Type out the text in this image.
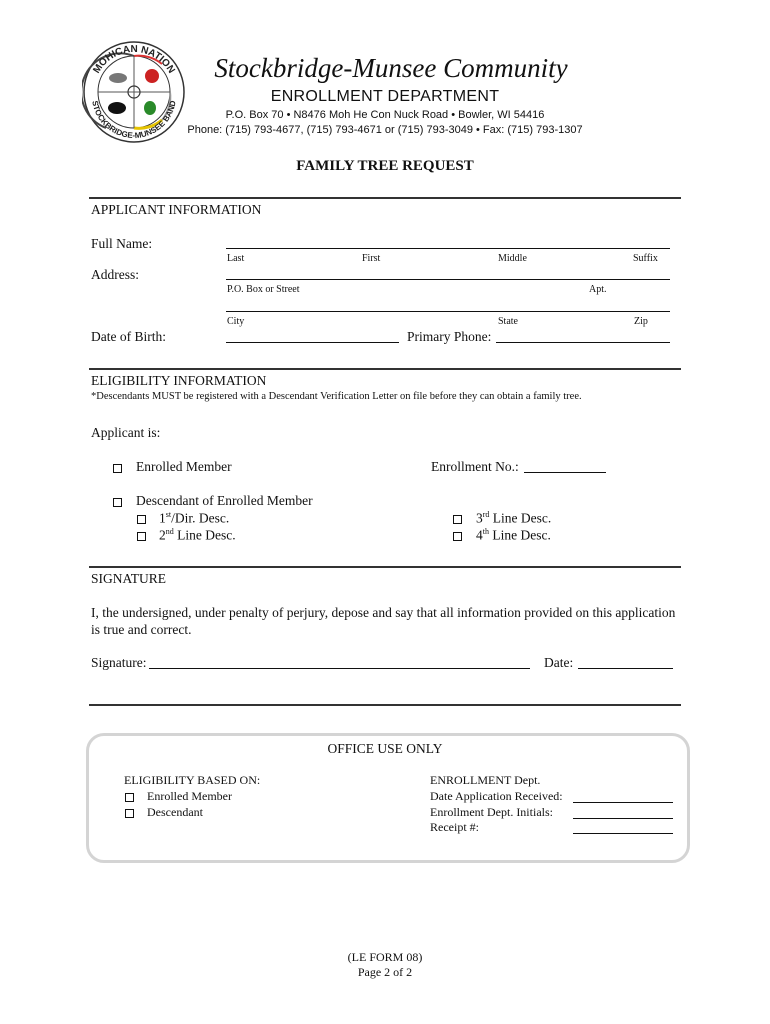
MOHICAN NATION
STOCKBRIDGE-MUNSEE BAND
Stockbridge-Munsee Community
ENROLLMENT DEPARTMENT
P.O. Box 70 • N8476 Moh He Con Nuck Road • Bowler, WI 54416
Phone: (715) 793-4677, (715) 793-4671 or (715) 793-3049 • Fax: (715) 793-1307
FAMILY TREE REQUEST
APPLICANT INFORMATION
Full Name:
Last	First	Middle	Suffix
Address:
P.O. Box or Street	Apt.
City	State	Zip
Date of Birth:	Primary Phone:
ELIGIBILITY INFORMATION
*Descendants MUST be registered with a Descendant Verification Letter on file before they can obtain a family tree.
Applicant is:
Enrolled Member	Enrollment No.:
Descendant of Enrolled Member
1st/Dir. Desc.
2nd Line Desc.
3rd Line Desc.
4th Line Desc.
SIGNATURE
I, the undersigned, under penalty of perjury, depose and say that all information provided on this application is true and correct.
Signature:	Date:
OFFICE USE ONLY
ELIGIBILITY BASED ON:
Enrolled Member
Descendant
ENROLLMENT Dept.
Date Application Received:
Enrollment Dept. Initials:
Receipt #:
(LE FORM 08)
Page 2 of 2
